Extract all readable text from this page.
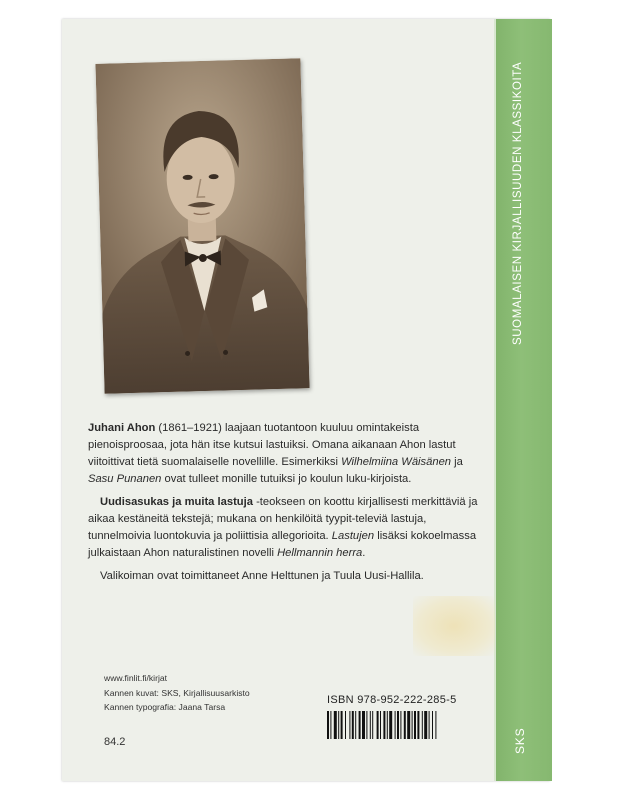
SUOMALAISEN KIRJALLISUUDEN KLASSIKOITA
SKS

Juhani Ahon (1861–1921) laajaan tuotantoon kuuluu omintakeista pienoisproosaa, jota hän itse kutsui lastuiksi. Omana aikanaan Ahon lastut viitoittivat tietä suomalaiselle novellille. Esimerkiksi Wilhelmiina Wäisänen ja Sasu Punanen ovat tulleet monille tutuiksi jo koulun luku-kirjoista.

Uudisasukas ja muita lastuja -teokseen on koottu kirjallisesti merkittäviä ja aikaa kestäneitä tekstejä; mukana on henkilöitä tyypit-televiä lastuja, tunnelmoivia luontokuvia ja poliittisia allegorioita. Lastujen lisäksi kokoelmassa julkaistaan Ahon naturalistinen novelli Hellmannin herra.

Valikoiman ovat toimittaneet Anne Helttunen ja Tuula Uusi-Hallila.

www.finlit.fi/kirjat
Kannen kuvat: SKS, Kirjallisuusarkisto
Kannen typografia: Jaana Tarsa
84.2
ISBN 978-952-222-285-5
